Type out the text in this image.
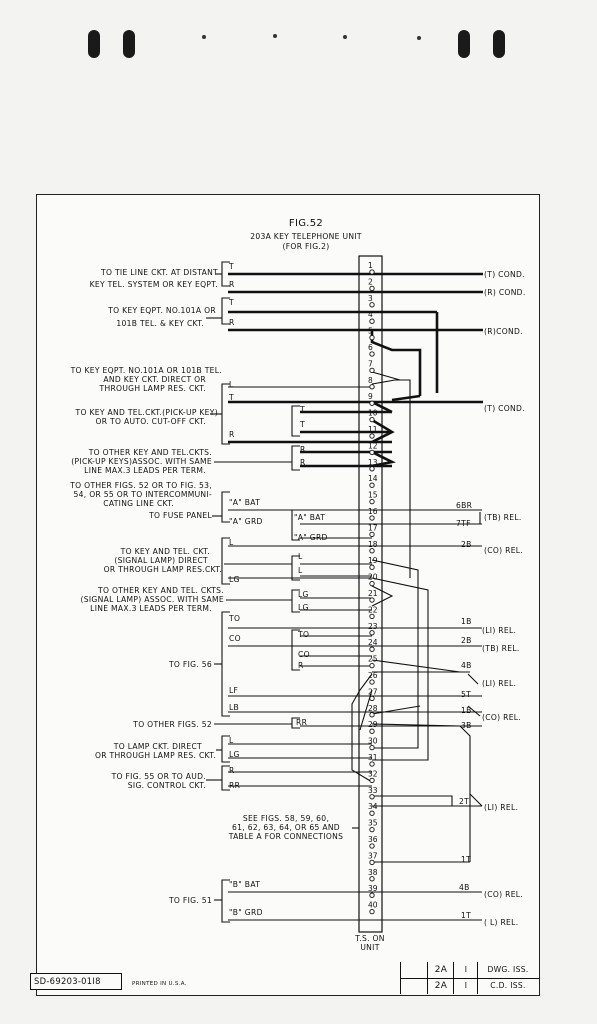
FIG.52
203A KEY TELEPHONE UNIT
(FOR FIG.2)
1
2
3
4
5
6
7
8
9
10
11
12
13
14
15
16
17
18
19
20
21
22
23
24
25
26
27
28
29
30
31
32
33
34
35
36
37
38
39
40
TO TIE LINE CKT. AT DISTANT
KEY TEL. SYSTEM OR KEY EQPT.
TO KEY EQPT. NO.101A OR
101B TEL. & KEY CKT.
TO KEY EQPT. NO.101A OR 101B TEL.
AND KEY CKT. DIRECT OR
THROUGH LAMP RES. CKT.
TO KEY AND TEL.CKT.(PICK-UP KEY)
OR TO AUTO. CUT-OFF CKT.
TO OTHER KEY AND TEL.CKTS.
(PICK-UP KEYS)ASSOC. WITH SAME
LINE MAX.3 LEADS PER TERM.
TO OTHER FIGS. 52 OR TO FIG. 53,
54, OR 55 OR TO INTERCOMMUNI-
CATING LINE CKT.
TO FUSE PANEL
TO KEY AND TEL. CKT.
(SIGNAL LAMP) DIRECT
OR THROUGH LAMP RES.CKT.
TO OTHER KEY AND TEL. CKTS.
(SIGNAL LAMP) ASSOC. WITH SAME
LINE MAX.3 LEADS PER TERM.
TO FIG. 56
TO OTHER FIGS. 52
TO LAMP CKT. DIRECT
OR THROUGH LAMP RES. CKT.
TO FIG. 55 OR TO AUD.
SIG. CONTROL CKT.
SEE FIGS. 58, 59, 60,
61, 62, 63, 64, OR 65 AND
TABLE A FOR CONNECTIONS
TO FIG. 51
T
R
T
R
L
T
R
T
T
R
R
"A" BAT
"A" GRD	"A" BAT
"A" GRD
L
LG
L
L
LG
LG
TO
CO	TO
CO
R
LF
LB
RR
L
LG
R
RR
"B" BAT
"B" GRD
(T) COND.
(R) COND.
(R)COND.
(T) COND.
6BR
7TF
(TB) REL.
2B
(CO) REL.
1B
(LI) REL.
2B
(TB) REL.
4B
(LI) REL.
5T
1B
(CO) REL.
3B
2T
(LI) REL.
1T
4B
(CO) REL.
1T
( L) REL.
T.S. ON
UNIT
SD-69203-01I8	PRINTED IN U.S.A.
2A	I	DWG. ISS.
2A	I	C.D. ISS.
